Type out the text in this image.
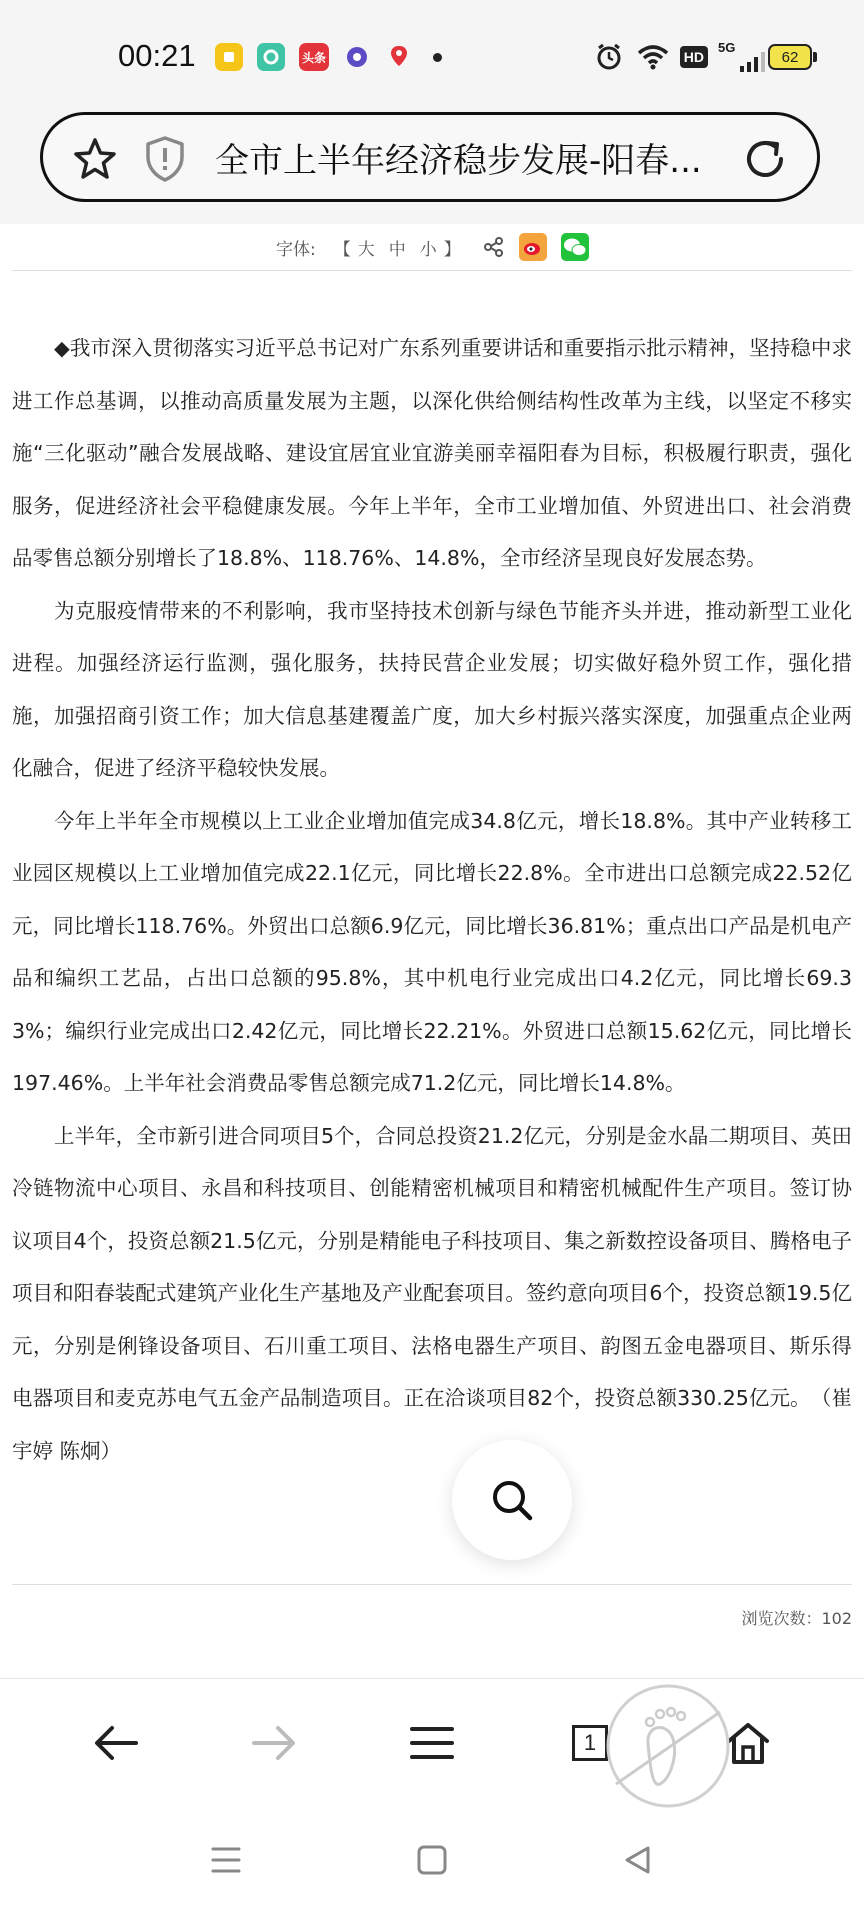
00:21	头条	HD
5G
62
全市上半年经济稳步发展-阳春...
字体: 【 大 中 小 】

◆我市深入贯彻落实习近平总书记对广东系列重要讲话和重要指示批示精神，坚持稳中求进工作总基调，以推动高质量发展为主题，以深化供给侧结构性改革为主线，以坚定不移实施“三化驱动”融合发展战略、建设宜居宜业宜游美丽幸福阳春为目标，积极履行职责，强化服务，促进经济社会平稳健康发展。今年上半年，全市工业增加值、外贸进出口、社会消费品零售总额分别增长了18.8%、118.76%、14.8%，全市经济呈现良好发展态势。

为克服疫情带来的不利影响，我市坚持技术创新与绿色节能齐头并进，推动新型工业化进程。加强经济运行监测，强化服务，扶持民营企业发展；切实做好稳外贸工作，强化措施，加强招商引资工作；加大信息基建覆盖广度，加大乡村振兴落实深度，加强重点企业两化融合，促进了经济平稳较快发展。

今年上半年全市规模以上工业企业增加值完成34.8亿元，增长18.8%。其中产业转移工业园区规模以上工业增加值完成22.1亿元，同比增长22.8%。全市进出口总额完成22.52亿元，同比增长118.76%。外贸出口总额6.9亿元，同比增长36.81%；重点出口产品是机电产品和编织工艺品，占出口总额的95.8%，其中机电行业完成出口4.2亿元，同比增长69.33%；编织行业完成出口2.42亿元，同比增长22.21%。外贸进口总额15.62亿元，同比增长197.46%。上半年社会消费品零售总额完成71.2亿元，同比增长14.8%。

上半年，全市新引进合同项目5个，合同总投资21.2亿元，分别是金水晶二期项目、英田冷链物流中心项目、永昌和科技项目、创能精密机械项目和精密机械配件生产项目。签订协议项目4个，投资总额21.5亿元，分别是精能电子科技项目、集之新数控设备项目、腾格电子项目和阳春装配式建筑产业化生产基地及产业配套项目。签约意向项目6个，投资总额19.5亿元，分别是俐锋设备项目、石川重工项目、法格电器生产项目、韵图五金电器项目、斯乐得电器项目和麦克苏电气五金产品制造项目。正在洽谈项目82个，投资总额330.25亿元。　（崔宇婷 陈炯）

浏览次数：102
1
